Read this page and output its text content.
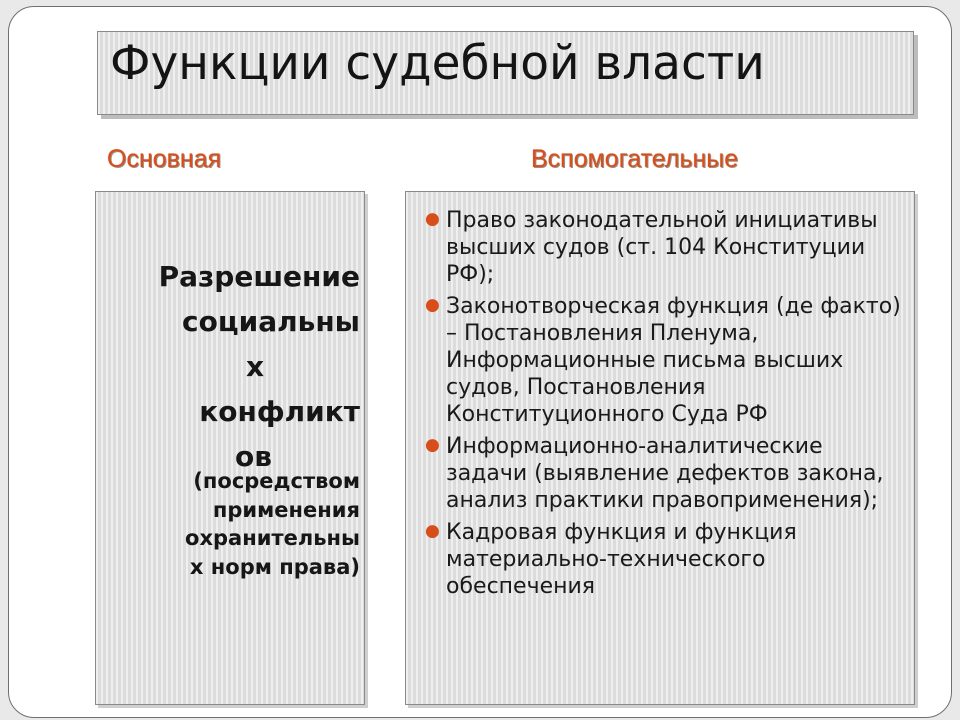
Функции судебной власти
Основная	Вспомогательные
Разрешение
социальны
х
конфликт
ов
(посредством
применения
охранительны
х норм права)
● Право законодательной инициативы высших судов (ст. 104 Конституции РФ);
● Законотворческая функция (де факто) – Постановления Пленума, Информационные письма высших судов, Постановления Конституционного Суда РФ
● Информационно-аналитические задачи (выявление дефектов закона, анализ практики правоприменения);
● Кадровая функция и функция материально-технического обеспечения
